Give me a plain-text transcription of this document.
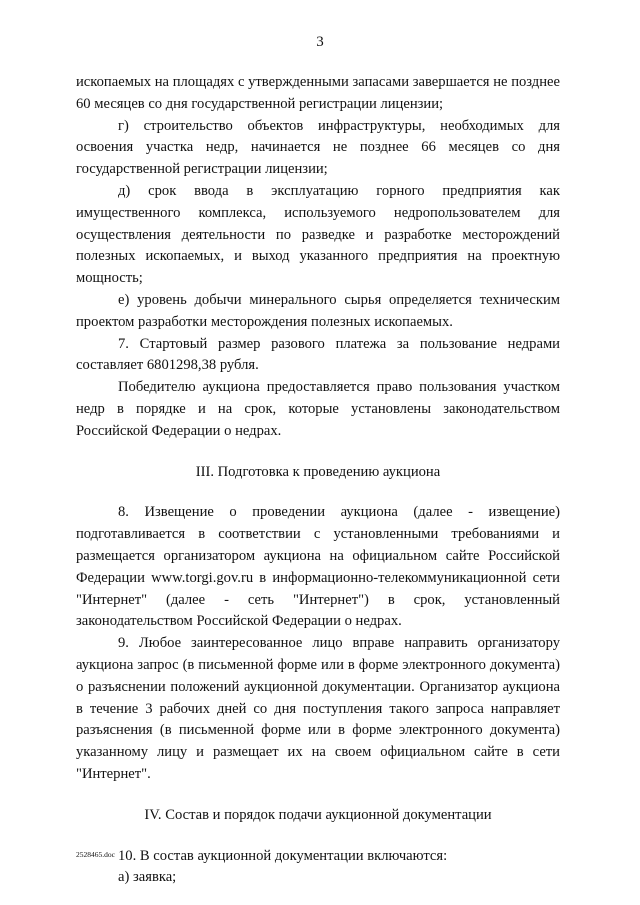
3

ископаемых на площадях с утвержденными запасами завершается не позднее 60 месяцев со дня государственной регистрации лицензии;

г) строительство объектов инфраструктуры, необходимых для освоения участка недр, начинается не позднее 66 месяцев со дня государственной регистрации лицензии;

д) срок ввода в эксплуатацию горного предприятия как имущественного комплекса, используемого недропользователем для осуществления деятельности по разведке и разработке месторождений полезных ископаемых, и выход указанного предприятия на проектную мощность;

е) уровень добычи минерального сырья определяется техническим проектом разработки месторождения полезных ископаемых.

7. Стартовый размер разового платежа за пользование недрами составляет 6801298,38 рубля.

Победителю аукциона предоставляется право пользования участком недр в порядке и на срок, которые установлены законодательством Российской Федерации о недрах.

III. Подготовка к проведению аукциона

8. Извещение о проведении аукциона (далее - извещение) подготавливается в соответствии с установленными требованиями и размещается организатором аукциона на официальном сайте Российской Федерации www.torgi.gov.ru в информационно-телекоммуникационной сети "Интернет" (далее - сеть "Интернет") в срок, установленный законодательством Российской Федерации о недрах.

9. Любое заинтересованное лицо вправе направить организатору аукциона запрос (в письменной форме или в форме электронного документа) о разъяснении положений аукционной документации. Организатор аукциона в течение 3 рабочих дней со дня поступления такого запроса направляет разъяснения (в письменной форме или в форме электронного документа) указанному лицу и размещает их на своем официальном сайте в сети "Интернет".

IV. Состав и порядок подачи аукционной документации

10. В состав аукционной документации включаются:

а) заявка;

2528465.doc
